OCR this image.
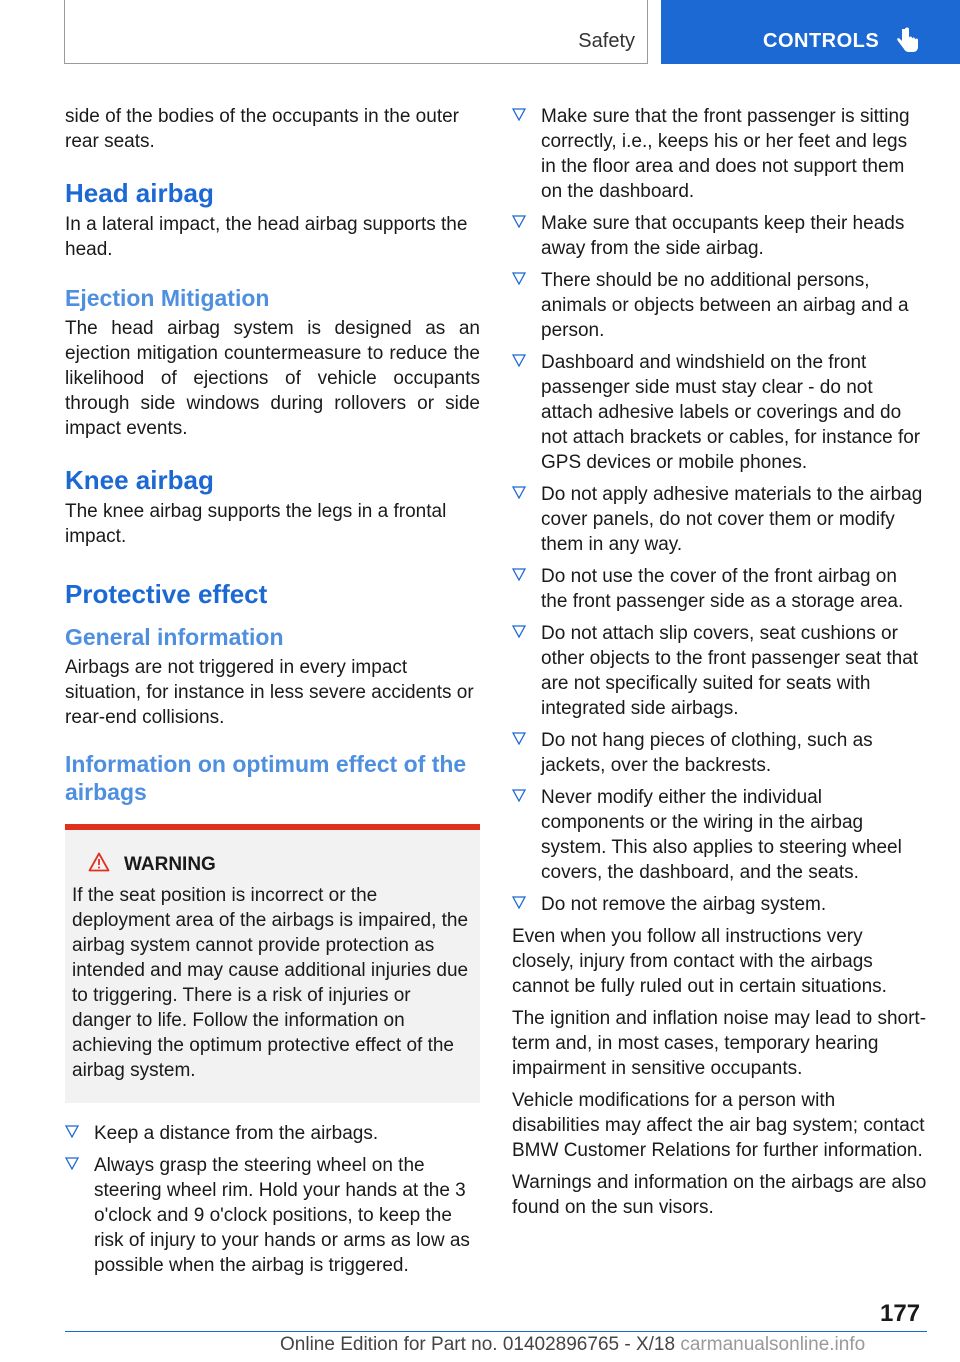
Safety	CONTROLS

side of the bodies of the occupants in the outer rear seats.

Head airbag

In a lateral impact, the head airbag supports the head.

Ejection Mitigation

The head airbag system is designed as an ejection mitigation countermeasure to reduce the likelihood of ejections of vehicle occupants through side windows during rollovers or side impact events.

Knee airbag

The knee airbag supports the legs in a frontal impact.

Protective effect
General information

Airbags are not triggered in every impact situation, for instance in less severe accidents or rear-end collisions.

Information on optimum effect of the airbags
WARNING
If the seat position is incorrect or the deployment area of the airbags is impaired, the airbag system cannot provide protection as intended and may cause additional injuries due to triggering. There is a risk of injuries or danger to life. Follow the information on achieving the optimum protective effect of the airbag system.
Keep a distance from the airbags.
Always grasp the steering wheel on the steering wheel rim. Hold your hands at the 3 o'clock and 9 o'clock positions, to keep the risk of injury to your hands or arms as low as possible when the airbag is triggered.
Make sure that the front passenger is sitting correctly, i.e., keeps his or her feet and legs in the floor area and does not support them on the dashboard.
Make sure that occupants keep their heads away from the side airbag.
There should be no additional persons, animals or objects between an airbag and a person.
Dashboard and windshield on the front passenger side must stay clear - do not attach adhesive labels or coverings and do not attach brackets or cables, for instance for GPS devices or mobile phones.
Do not apply adhesive materials to the airbag cover panels, do not cover them or modify them in any way.
Do not use the cover of the front airbag on the front passenger side as a storage area.
Do not attach slip covers, seat cushions or other objects to the front passenger seat that are not specifically suited for seats with integrated side airbags.
Do not hang pieces of clothing, such as jackets, over the backrests.
Never modify either the individual components or the wiring in the airbag system. This also applies to steering wheel covers, the dashboard, and the seats.
Do not remove the airbag system.

Even when you follow all instructions very closely, injury from contact with the airbags cannot be fully ruled out in certain situations.

The ignition and inflation noise may lead to short-term and, in most cases, temporary hearing impairment in sensitive occupants.

Vehicle modifications for a person with disabilities may affect the air bag system; contact BMW Customer Relations for further information.

Warnings and information on the airbags are also found on the sun visors.

177
Online Edition for Part no. 01402896765 - X/18 carmanualsonline.info
